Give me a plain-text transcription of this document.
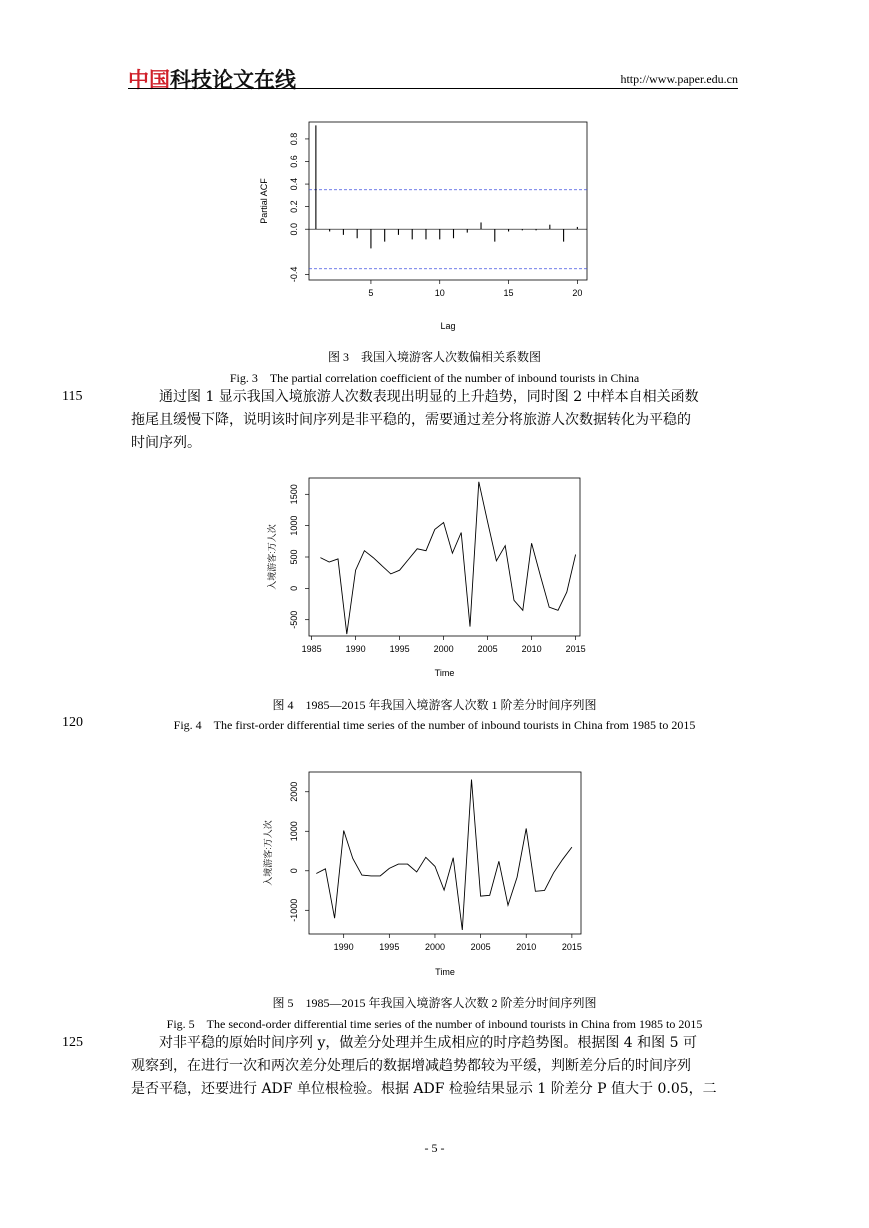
中国科技论文在线	http://www.paper.edu.cn
5	10	15	20
-0.4
0.0
0.2
0.4
0.6
0.8
Lag
Partial ACF
图 3　我国入境游客人次数偏相关系数图
Fig. 3　The partial correlation coefficient of the number of inbound tourists in China
115	　　通过图 1 显示我国入境旅游人次数表现出明显的上升趋势，同时图 2 中样本自相关函数
拖尾且缓慢下降，说明该时间序列是非平稳的，需要通过差分将旅游人次数据转化为平稳的
时间序列。
1985	1990	1995	2000	2005	2010	2015
-500
0
500
1000
1500
Time
入境游客:万人次
图 4　1985—2015 年我国入境游客人次数 1 阶差分时间序列图
120	Fig. 4　The first-order differential time series of the number of inbound tourists in China from 1985 to 2015
1990	1995	2000	2005	2010	2015
-1000
0
1000
2000
Time
入境游客:万人次
图 5　1985—2015 年我国入境游客人次数 2 阶差分时间序列图
Fig. 5　The second-order differential time series of the number of inbound tourists in China from 1985 to 2015
125	　　对非平稳的原始时间序列 y，做差分处理并生成相应的时序趋势图。根据图 4 和图 5 可
观察到，在进行一次和两次差分处理后的数据增减趋势都较为平缓，判断差分后的时间序列
是否平稳，还要进行 ADF 单位根检验。根据 ADF 检验结果显示 1 阶差分 P 值大于 0.05，二
- 5 -
